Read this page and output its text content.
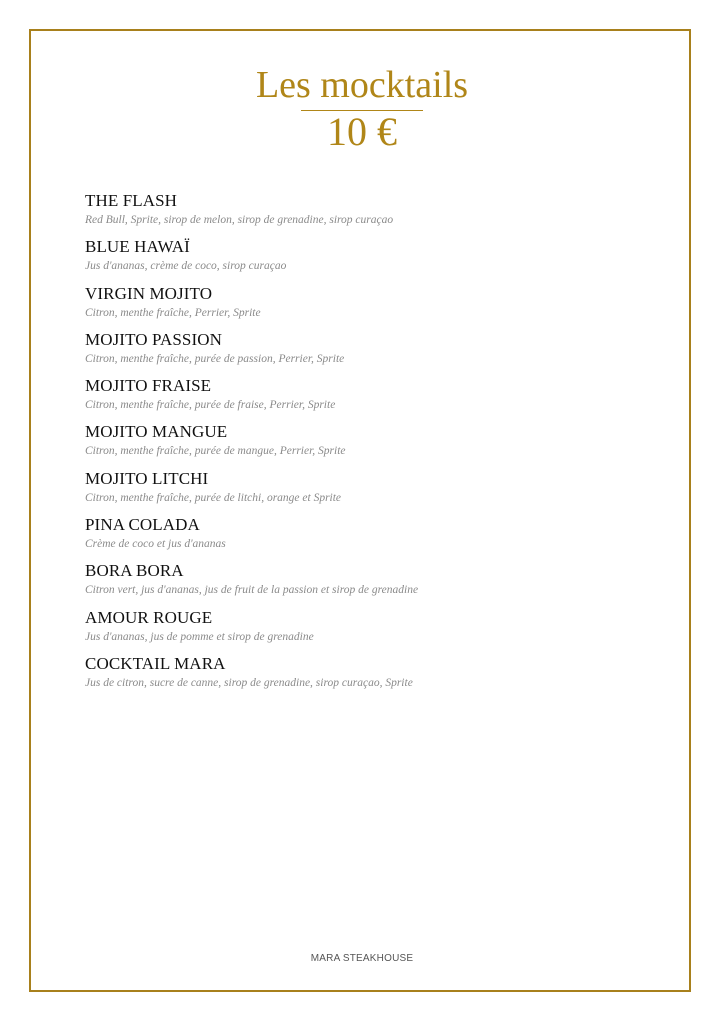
Les mocktails
10 €
THE FLASH
Red Bull, Sprite, sirop de melon, sirop de grenadine, sirop curaçao
BLUE HAWAÏ
Jus d'ananas, crème de coco, sirop curaçao
VIRGIN MOJITO
Citron, menthe fraîche, Perrier, Sprite
MOJITO PASSION
Citron, menthe fraîche, purée de passion, Perrier, Sprite
MOJITO FRAISE
Citron, menthe fraîche, purée de fraise, Perrier, Sprite
MOJITO MANGUE
Citron, menthe fraîche, purée de mangue, Perrier, Sprite
MOJITO LITCHI
Citron, menthe fraîche, purée de litchi, orange et Sprite
PINA COLADA
Crème de coco et jus d'ananas
BORA BORA
Citron vert, jus d'ananas, jus de fruit de la passion et sirop de grenadine
AMOUR ROUGE
Jus d'ananas, jus de pomme et sirop de grenadine
COCKTAIL MARA
Jus de citron, sucre de canne, sirop de grenadine, sirop curaçao, Sprite
MARA STEAKHOUSE
